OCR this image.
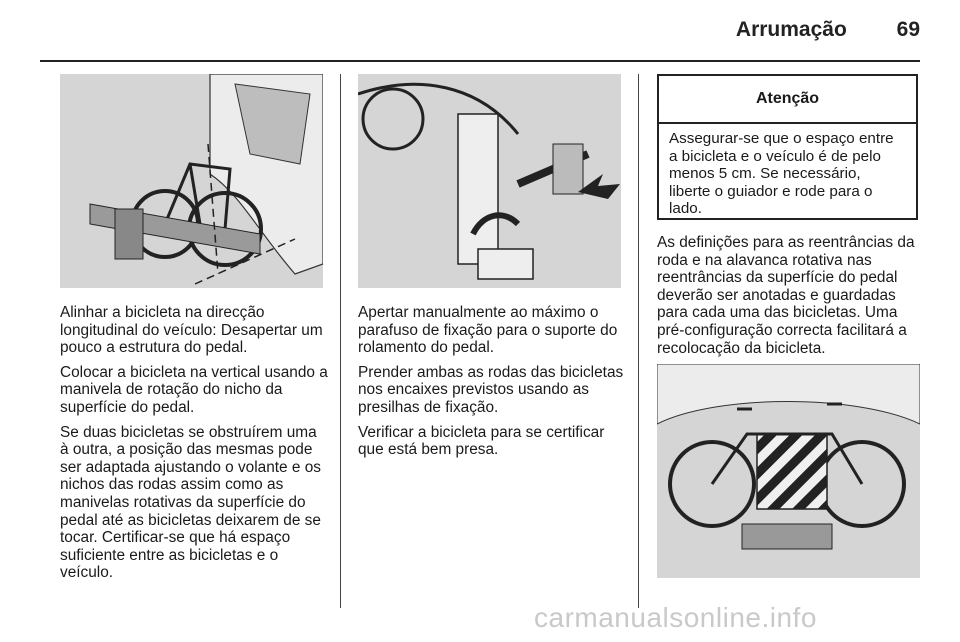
Arrumação 69

Alinhar a bicicleta na direcção longitudinal do veículo: Desapertar um pouco a estrutura do pedal.

Colocar a bicicleta na vertical usando a manivela de rotação do nicho da superfície do pedal.

Se duas bicicletas se obstruírem uma à outra, a posição das mesmas pode ser adaptada ajustando o volante e os nichos das rodas assim como as manivelas rotativas da superfície do pedal até as bicicletas deixarem de se tocar. Certificar-se que há espaço suficiente entre as bicicletas e o veículo.

Apertar manualmente ao máximo o parafuso de fixação para o suporte do rolamento do pedal.

Prender ambas as rodas das bicicletas nos encaixes previstos usando as presilhas de fixação.

Verificar a bicicleta para se certificar que está bem presa.

Atenção
Assegurar-se que o espaço entre a bicicleta e o veículo é de pelo menos 5 cm. Se necessário, liberte o guiador e rode para o lado.

As definições para as reentrâncias da roda e na alavanca rotativa nas reentrâncias da superfície do pedal deverão ser anotadas e guardadas para cada uma das bicicletas. Uma pré-configuração correcta facilitará a recolocação da bicicleta.

carmanualsonline.info
